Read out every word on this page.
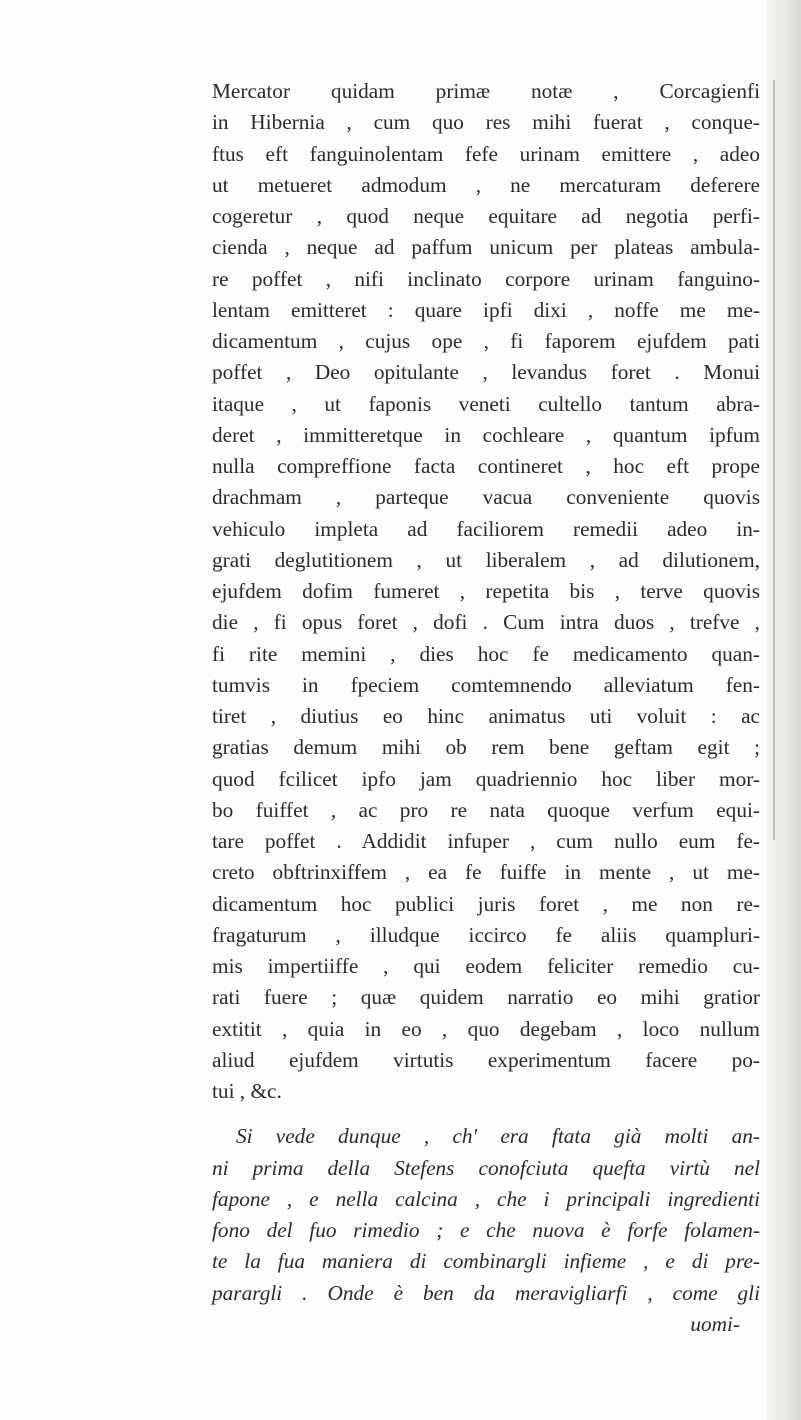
Mercator quidam primæ notæ , Corcagienfi
in Hibernia , cum quo res mihi fuerat , conque-
ftus eft fanguinolentam fefe urinam emittere , adeo
ut metueret admodum , ne mercaturam deferere
cogeretur , quod neque equitare ad negotia perfi-
cienda , neque ad paffum unicum per plateas ambula-
re poffet , nifi inclinato corpore urinam fanguino-
lentam emitteret : quare ipfi dixi , noffe me me-
dicamentum , cujus ope , fi faporem ejufdem pati
poffet , Deo opitulante , levandus foret . Monui
itaque , ut faponis veneti cultello tantum abra-
deret , immitteretque in cochleare , quantum ipfum
nulla compreffione facta contineret , hoc eft prope
drachmam , parteque vacua conveniente quovis
vehiculo impleta ad faciliorem remedii adeo in-
grati deglutitionem , ut liberalem , ad dilutionem,
ejufdem dofim fumeret , repetita bis , terve quovis
die , fi opus foret , dofi . Cum intra duos , trefve ,
fi rite memini , dies hoc fe medicamento quan-
tumvis in fpeciem comtemnendo alleviatum fen-
tiret , diutius eo hinc animatus uti voluit : ac
gratias demum mihi ob rem bene geftam egit ;
quod fcilicet ipfo jam quadriennio hoc liber mor-
bo fuiffet , ac pro re nata quoque verfum equi-
tare poffet . Addidit infuper , cum nullo eum fe-
creto obftrinxiffem , ea fe fuiffe in mente , ut me-
dicamentum hoc publici juris foret , me non re-
fragaturum , illudque iccirco fe aliis quampluri-
mis impertiiffe , qui eodem feliciter remedio cu-
rati fuere ; quæ quidem narratio eo mihi gratior
extitit , quia in eo , quo degebam , loco nullum
aliud ejufdem virtutis experimentum facere po-
tui , &c.

Si vede dunque , ch' era ftata già molti an-
ni prima della Stefens conofciuta quefta virtù nel
fapone , e nella calcina , che i principali ingredienti
fono del fuo rimedio ; e che nuova è forfe folamen-
te la fua maniera di combinargli infieme , e di pre-
parargli . Onde è ben da meravigliarfi , come gli
uomi-
